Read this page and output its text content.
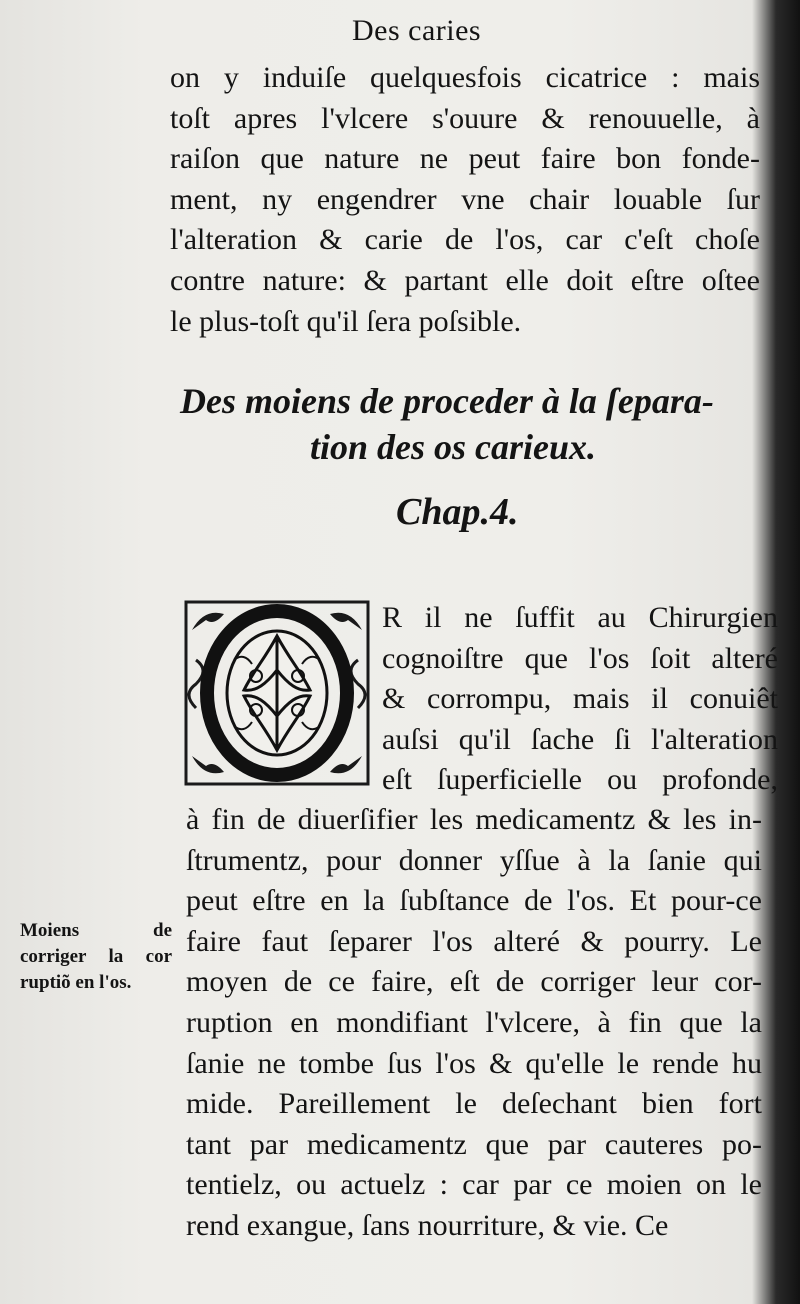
Des caries
on y induiſe quelquesfois cicatrice : mais
toſt apres l'vlcere s'ouure & renouuelle, à
raiſon que nature ne peut faire bon fonde-
ment, ny engendrer vne chair louable ſur
l'alteration & carie de l'os, car c'eſt choſe
contre nature: & partant elle doit eſtre oſtee
le plus-toſt qu'il ſera poſsible.
Des moiens de proceder à la ſepara-
tion des os carieux.
Chap.4.
R il ne ſuffit au Chirurgien
cognoiſtre que l'os ſoit alteré
& corrompu, mais il conuiêt
auſsi qu'il ſache ſi l'alteration
eſt ſuperficielle ou profonde,
à fin de diuerſifier les medicamentz & les in-
ſtrumentz, pour donner yſſue à la ſanie qui
peut eſtre en la ſubſtance de l'os. Et pour-ce
faire faut ſeparer l'os alteré & pourry. Le
moyen de ce faire, eſt de corriger leur cor-
ruption en mondifiant l'vlcere, à fin que la
ſanie ne tombe ſus l'os & qu'elle le rende hu
mide. Pareillement le deſechant bien fort
tant par medicamentz que par cauteres po-
tentielz, ou actuelz : car par ce moien on le
rend exangue, ſans nourriture, & vie. Ce
Moiens de
corriger la cor
ruptiõ en l'os.
